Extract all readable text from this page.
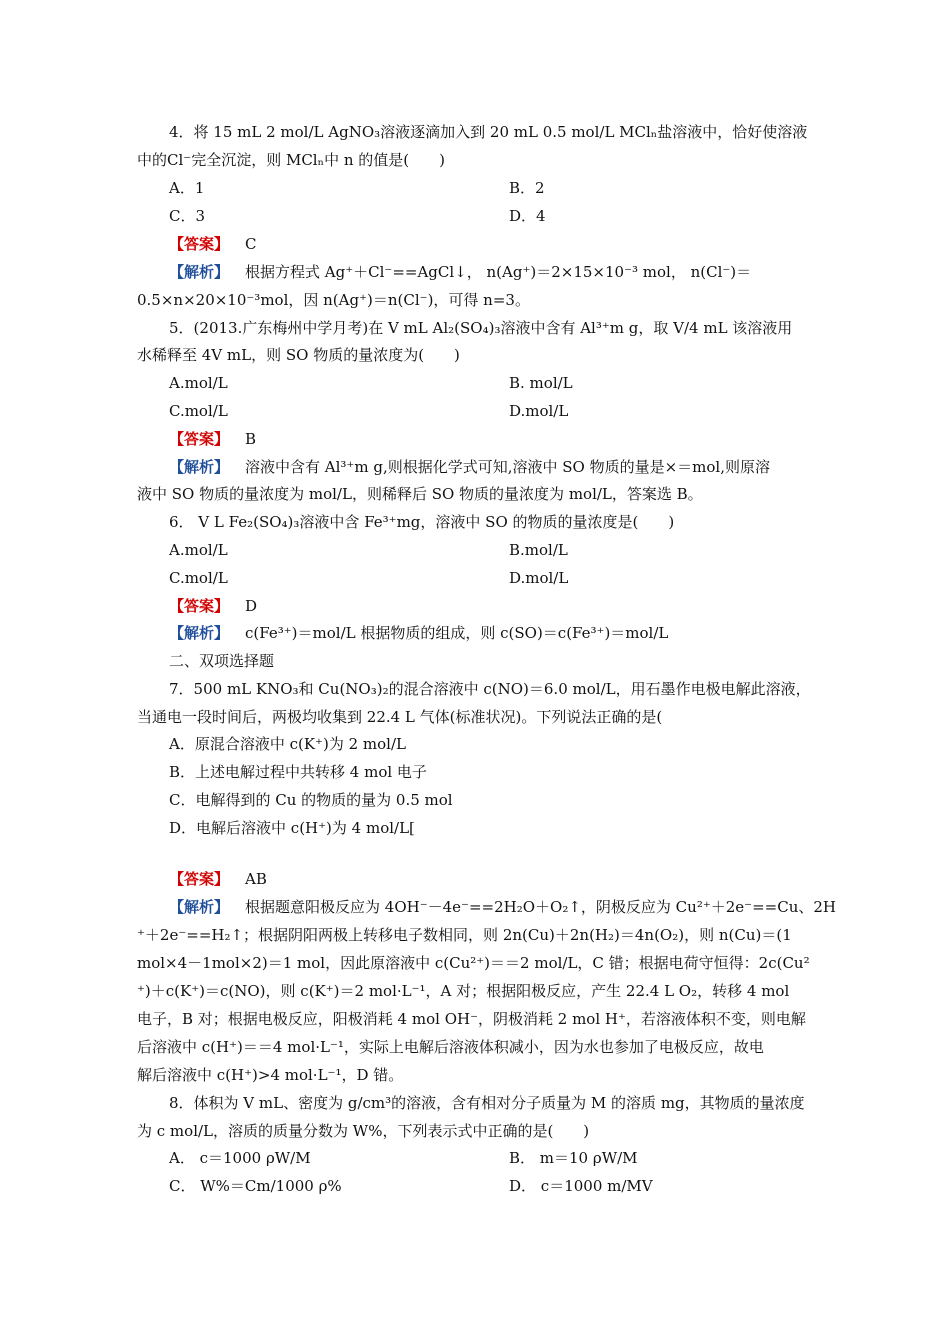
4．将 15 mL 2 mol/L AgNO₃溶液逐滴加入到 20 mL 0.5 mol/L MClₙ盐溶液中，恰好使溶液
中的Cl⁻完全沉淀，则 MClₙ中 n 的值是(　　)
A．1	B．2
C．3	D．4
【答案】 C
【解析】 根据方程式 Ag⁺＋Cl⁻==AgCl↓， n(Ag⁺)＝2×15×10⁻³ mol， n(Cl⁻)＝
0.5×n×20×10⁻³mol，因 n(Ag⁺)＝n(Cl⁻)，可得 n=3。
5．(2013.广东梅州中学月考)在 V mL Al₂(SO₄)₃溶液中含有 Al³⁺m g，取 V/4 mL 该溶液用
水稀释至 4V mL，则 SO 物质的量浓度为(　　)
A.mol/L	B. mol/L
C.mol/L	D.mol/L
【答案】 B
【解析】 溶液中含有 Al³⁺m g,则根据化学式可知,溶液中 SO 物质的量是×＝mol,则原溶
液中 SO 物质的量浓度为 mol/L，则稀释后 SO 物质的量浓度为 mol/L，答案选 B。
6． V L Fe₂(SO₄)₃溶液中含 Fe³⁺mg，溶液中 SO 的物质的量浓度是(　　)
A.mol/L	B.mol/L
C.mol/L	D.mol/L
【答案】 D
【解析】 c(Fe³⁺)＝mol/L 根据物质的组成，则 c(SO)＝c(Fe³⁺)＝mol/L
二、双项选择题
7．500 mL KNO₃和 Cu(NO₃)₂的混合溶液中 c(NO)＝6.0 mol/L，用石墨作电极电解此溶液，
当通电一段时间后，两极均收集到 22.4 L 气体(标准状况)。下列说法正确的是(
A．原混合溶液中 c(K⁺)为 2 mol/L
B．上述电解过程中共转移 4 mol 电子
C．电解得到的 Cu 的物质的量为 0.5 mol
D．电解后溶液中 c(H⁺)为 4 mol/L[
【答案】 AB
【解析】 根据题意阳极反应为 4OH⁻－4e⁻==2H₂O＋O₂↑，阴极反应为 Cu²⁺＋2e⁻==Cu、2H
⁺＋2e⁻==H₂↑；根据阴阳两极上转移电子数相同，则 2n(Cu)＋2n(H₂)＝4n(O₂)，则 n(Cu)＝(1
mol×4－1mol×2)＝1 mol，因此原溶液中 c(Cu²⁺)＝＝2 mol/L，C 错；根据电荷守恒得：2c(Cu²
⁺)＋c(K⁺)＝c(NO)，则 c(K⁺)＝2 mol·L⁻¹，A 对；根据阳极反应，产生 22.4 L O₂，转移 4 mol
电子，B 对；根据电极反应，阳极消耗 4 mol OH⁻，阴极消耗 2 mol H⁺，若溶液体积不变，则电解
后溶液中 c(H⁺)＝＝4 mol·L⁻¹，实际上电解后溶液体积减小，因为水也参加了电极反应，故电
解后溶液中 c(H⁺)>4 mol·L⁻¹，D 错。
8．体积为 V mL、密度为 g/cm³的溶液，含有相对分子质量为 M 的溶质 mg，其物质的量浓度
为 c mol/L，溶质的质量分数为 W%，下列表示式中正确的是(　　)
A． c＝1000 ρW/M	B． m＝10 ρW/M
C． W%＝Cm/1000 ρ%	D． c＝1000 m/MV
